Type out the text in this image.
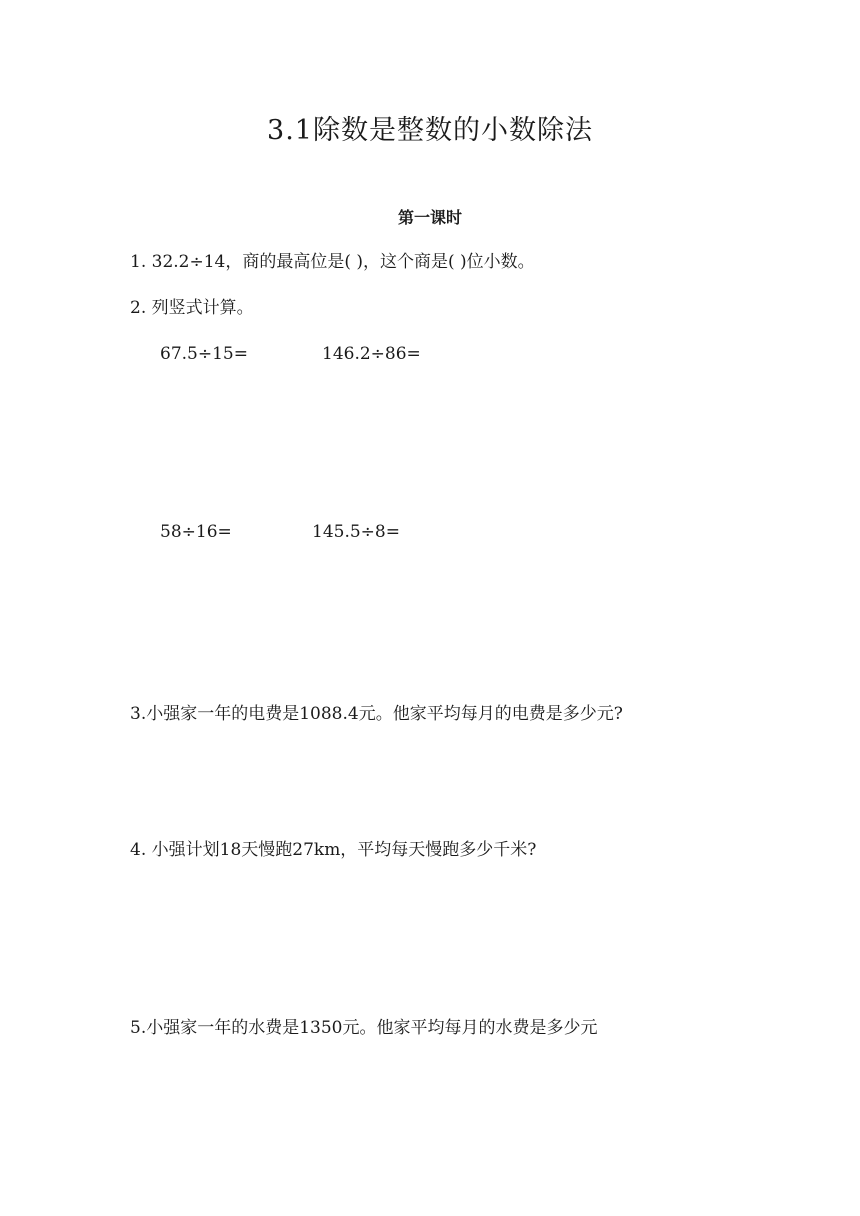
3.1除数是整数的小数除法
第一课时
1. 32.2÷14，商的最高位是( )，这个商是( )位小数。
2. 列竖式计算。
67.5÷15=	146.2÷86=
58÷16=	145.5÷8=
3.小强家一年的电费是1088.4元。他家平均每月的电费是多少元?
4. 小强计划18天慢跑27km，平均每天慢跑多少千米?
5.小强家一年的水费是1350元。他家平均每月的水费是多少元
